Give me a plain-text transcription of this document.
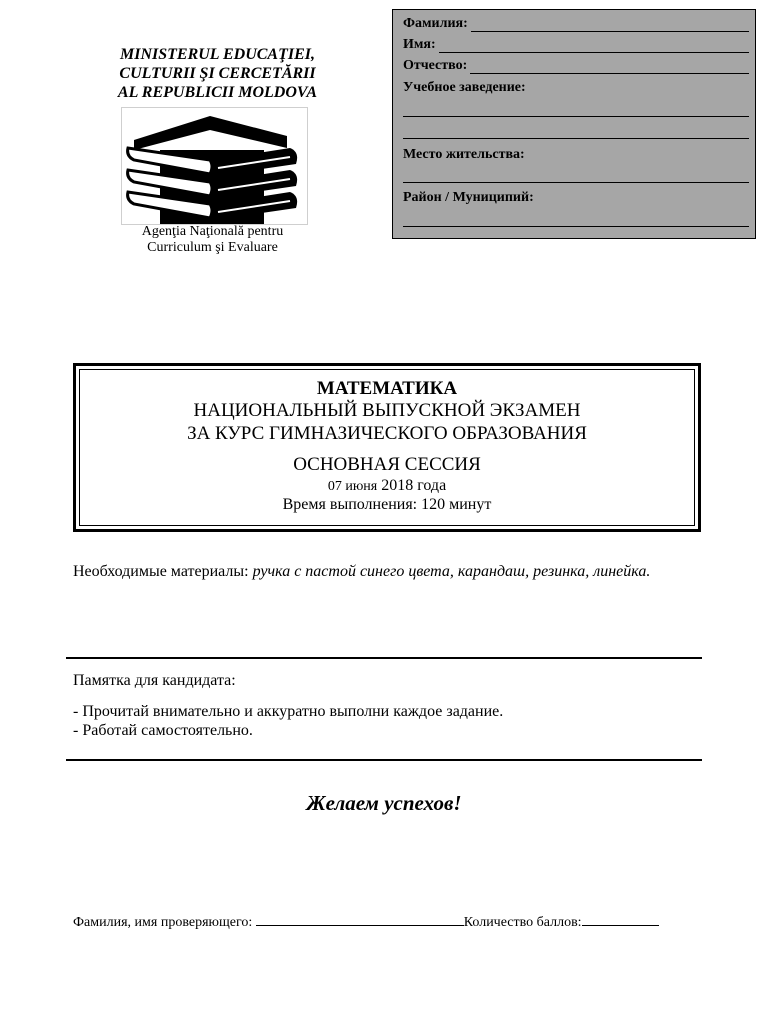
MINISTERUL EDUCAŢIEI,
CULTURII ŞI CERCETĂRII
AL REPUBLICII MOLDOVA
Agenţia Naţională pentru
Curriculum şi Evaluare
Фамилия:
Имя:
Отчество:
Учебное заведение:
Место жительства:
Район / Муниципий:
МАТЕМАТИКА
НАЦИОНАЛЬНЫЙ ВЫПУСКНОЙ ЭКЗАМЕН
ЗА КУРС ГИМНАЗИЧЕСКОГО ОБРАЗОВАНИЯ
ОСНОВНАЯ СЕССИЯ
07 июня 2018 года
Время выполнения: 120 минут
Необходимые материалы: ручка с пастой синего цвета, карандаш, резинка, линейка.
Памятка для кандидата:
- Прочитай внимательно и аккуратно выполни каждое задание.
- Работай самостоятельно.
Желаем успехов!
Фамилия, имя проверяющего:	Количество баллов:
